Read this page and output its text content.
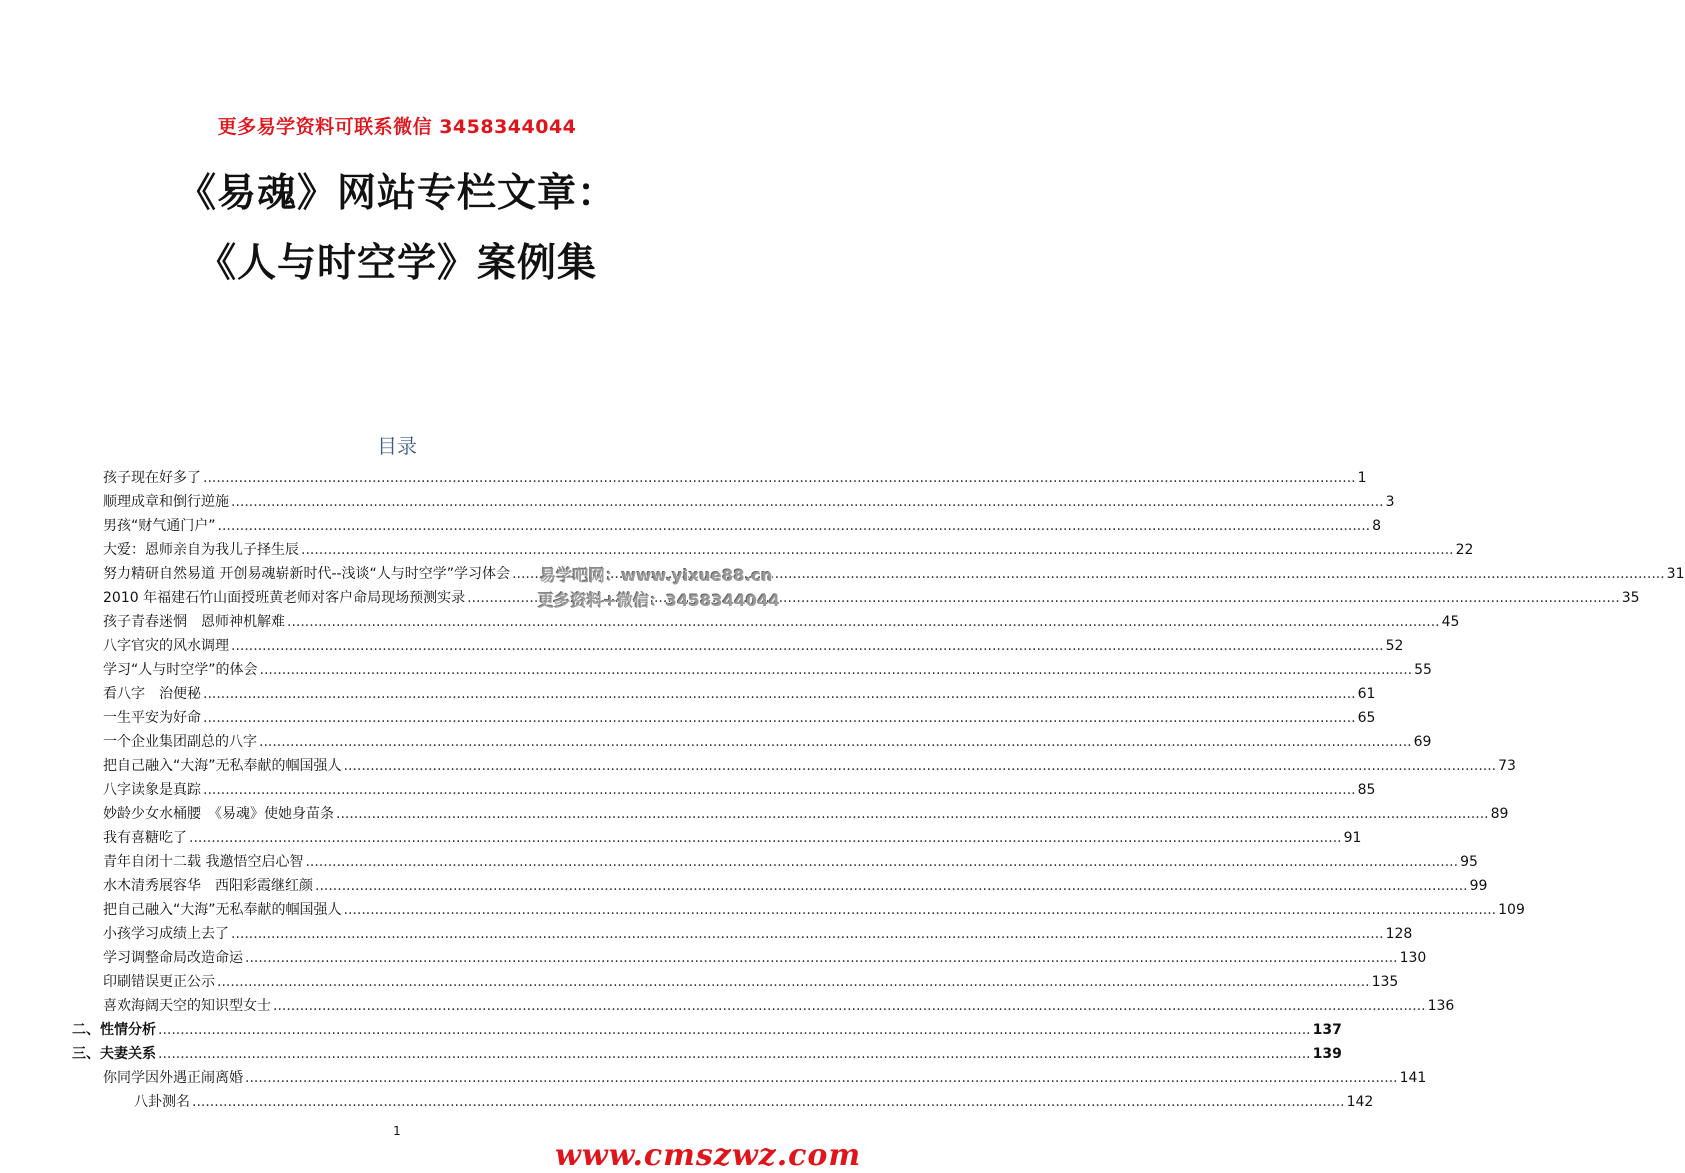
更多易学资料可联系微信 3458344044
《易魂》网站专栏文章：
《人与时空学》案例集
目录
孩子现在好多了 .....	1
顺理成章和倒行逆施 .....	3
男孩“财气通门户” .....	8
大爱：恩师亲自为我儿子择生辰 .....	22
努力精研自然易道 开创易魂崭新时代--浅谈“人与时空学”学习体会 .....	31
2010 年福建石竹山面授班黄老师对客户命局现场预测实录 .....	35
孩子青春迷惘　恩师神机解难 .....	45
八字官灾的风水调理 .....	52
学习“人与时空学”的体会 .....	55
看八字　治便秘 .....	61
一生平安为好命 .....	65
一个企业集团副总的八字 .....	69
把自己融入“大海”无私奉献的帼国强人 .....	73
八字读象是真踪 .....	85
妙龄少女水桶腰　《易魂》使她身苗条 .....	89
我有喜糖吃了 .....	91
青年自闭十二载 我邀悟空启心智 .....	95
水木清秀展容华　西阳彩霞继红颜 .....	99
把自己融入“大海”无私奉献的帼国强人 .....	109
小孩学习成绩上去了 .....	128
学习调整命局改造命运 .....	130
印刷错误更正公示 .....	135
喜欢海阔天空的知识型女士 .....	136
二、性情分析 .....	137
三、夫妻关系 .....	139
你同学因外遇正闹离婚 .....	141
八卦测名 .....	142
易学吧网：www.yixue88.cn
更多资料+微信：3458344044
1
www.cmszwz.com
